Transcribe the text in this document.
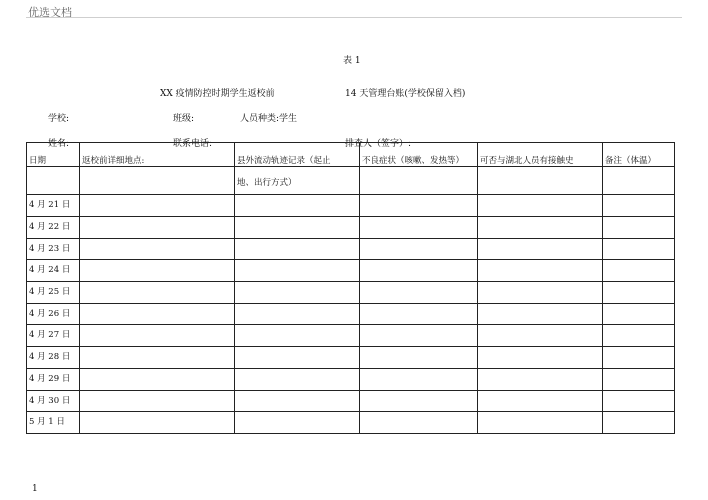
优选文档
表 1
XX 疫情防控时期学生返校前	14 天管理台账(学校保留入档)
学校:	班级:	人员种类:学生
姓名:	联系电话:	排查人（签字）:
日期	返校前详细地点:	县外流动轨迹记录（起止	不良症状（咳嗽、发热等）	可否与湖北人员有接触史	备注（体温）
		地、出行方式）			
4 月 21 日					
4 月 22 日					
4 月 23 日					
4 月 24 日					
4 月 25 日					
4 月 26 日					
4 月 27 日					
4 月 28 日					
4 月 29 日					
4 月 30 日					
5 月 1 日					
1
